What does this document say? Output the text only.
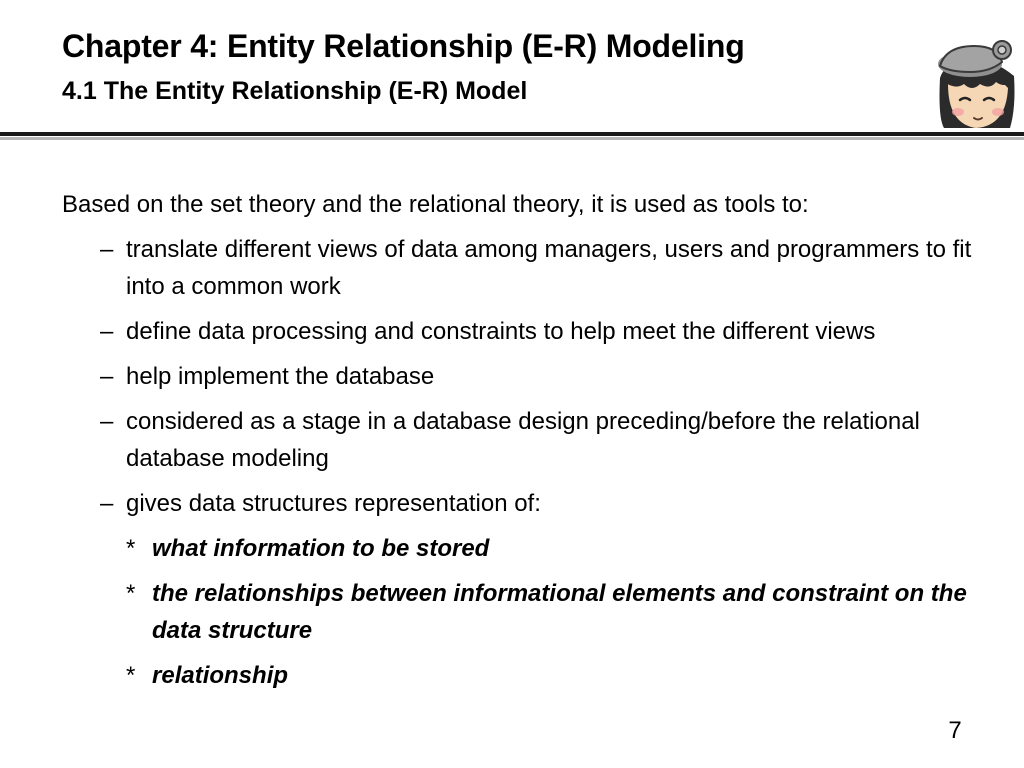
Chapter 4: Entity Relationship (E-R) Modeling
4.1 The Entity Relationship (E-R) Model

Based on the set theory and the relational theory, it is used as tools to:

– translate different views of data among managers, users and programmers to fit into a common work
– define data processing and constraints to help meet the different views
– help implement the database
– considered as a stage in a database design preceding/before the relational database modeling
– gives data structures representation of:
* what information to be stored
* the relationships between informational elements and constraint on the data structure
* relationship
7
